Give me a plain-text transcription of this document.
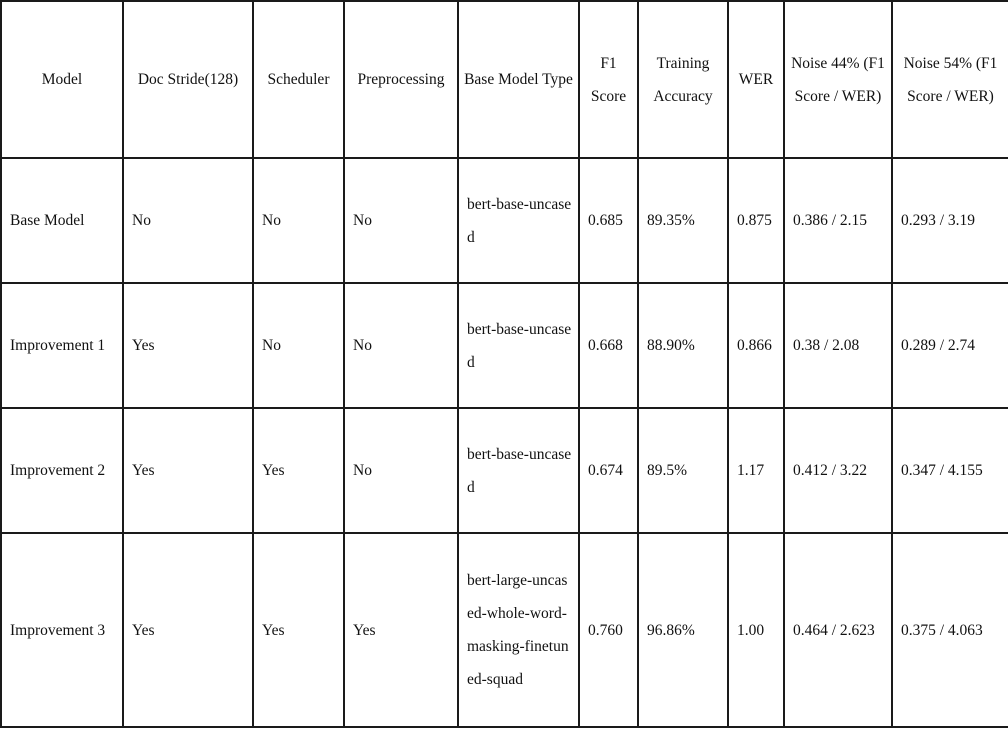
Model	Doc Stride(128)	Scheduler	Preprocessing	Base Model Type	F1 Score	Training Accuracy	WER	Noise 44% (F1 Score / WER)	Noise 54% (F1 Score / WER)
Base Model	No	No	No	bert-base-uncased	0.685	89.35%	0.875	0.386 / 2.15	0.293 / 3.19
Improvement 1	Yes	No	No	bert-base-uncased	0.668	88.90%	0.866	0.38 / 2.08	0.289 / 2.74
Improvement 2	Yes	Yes	No	bert-base-uncased	0.674	89.5%	1.17	0.412 / 3.22	0.347 / 4.155
Improvement 3	Yes	Yes	Yes	bert-large-uncased-whole-word-masking-finetuned-squad	0.760	96.86%	1.00	0.464 / 2.623	0.375 / 4.063
